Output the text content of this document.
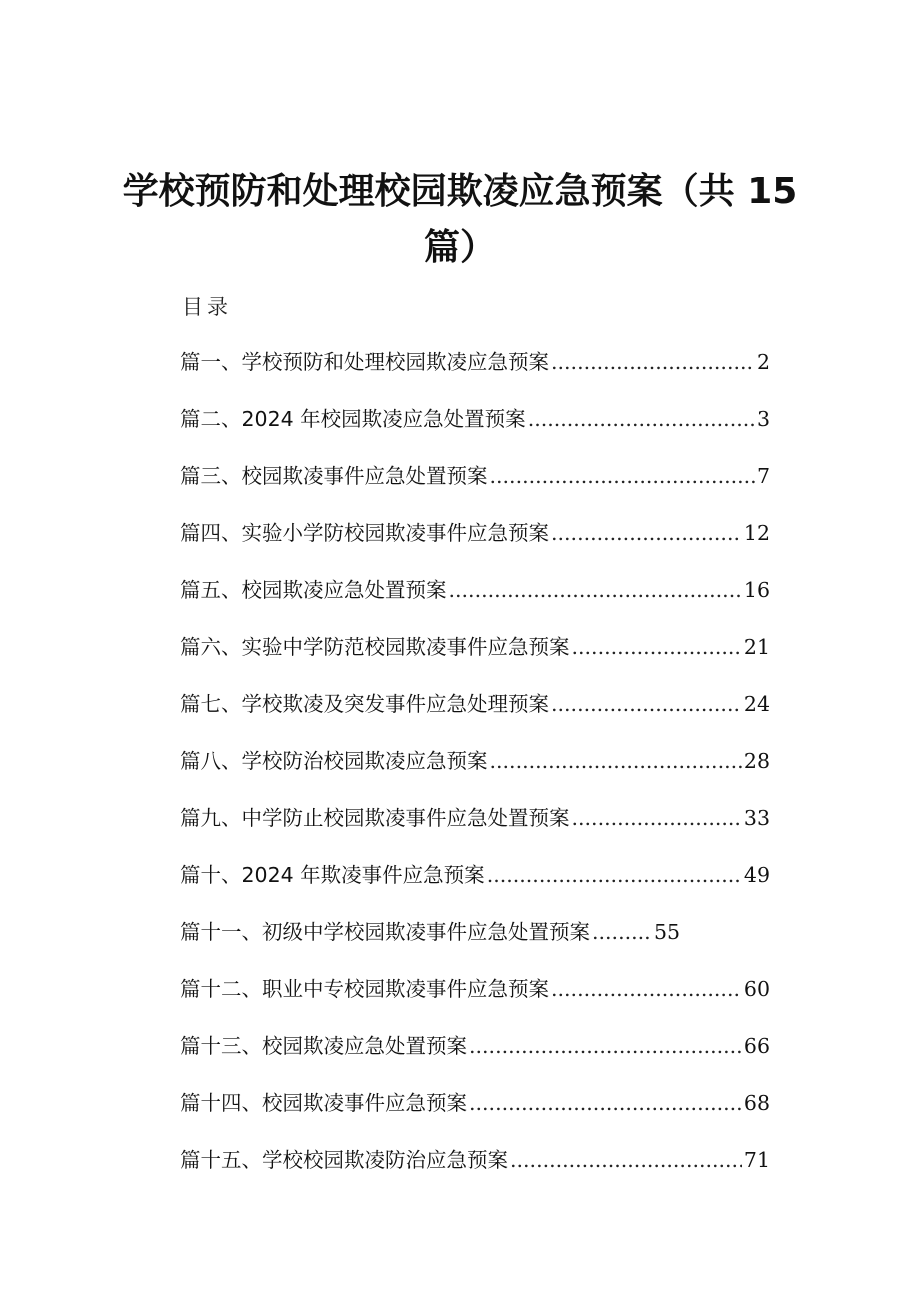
学校预防和处理校园欺凌应急预案（共 15
篇）
目录
篇一、学校预防和处理校园欺凌应急预案 .....	2
篇二、2024 年校园欺凌应急处置预案 .....	3
篇三、校园欺凌事件应急处置预案 .....	7
篇四、实验小学防校园欺凌事件应急预案 .....	12
篇五、校园欺凌应急处置预案 .....	16
篇六、实验中学防范校园欺凌事件应急预案 .....	21
篇七、学校欺凌及突发事件应急处理预案 .....	24
篇八、学校防治校园欺凌应急预案 .....	28
篇九、中学防止校园欺凌事件应急处置预案 .....	33
篇十、2024 年欺凌事件应急预案 .....	49
篇十一、初级中学校园欺凌事件应急处置预案 .....	55
篇十二、职业中专校园欺凌事件应急预案 .....	60
篇十三、校园欺凌应急处置预案 .....	66
篇十四、校园欺凌事件应急预案 .....	68
篇十五、学校校园欺凌防治应急预案 .....	71
